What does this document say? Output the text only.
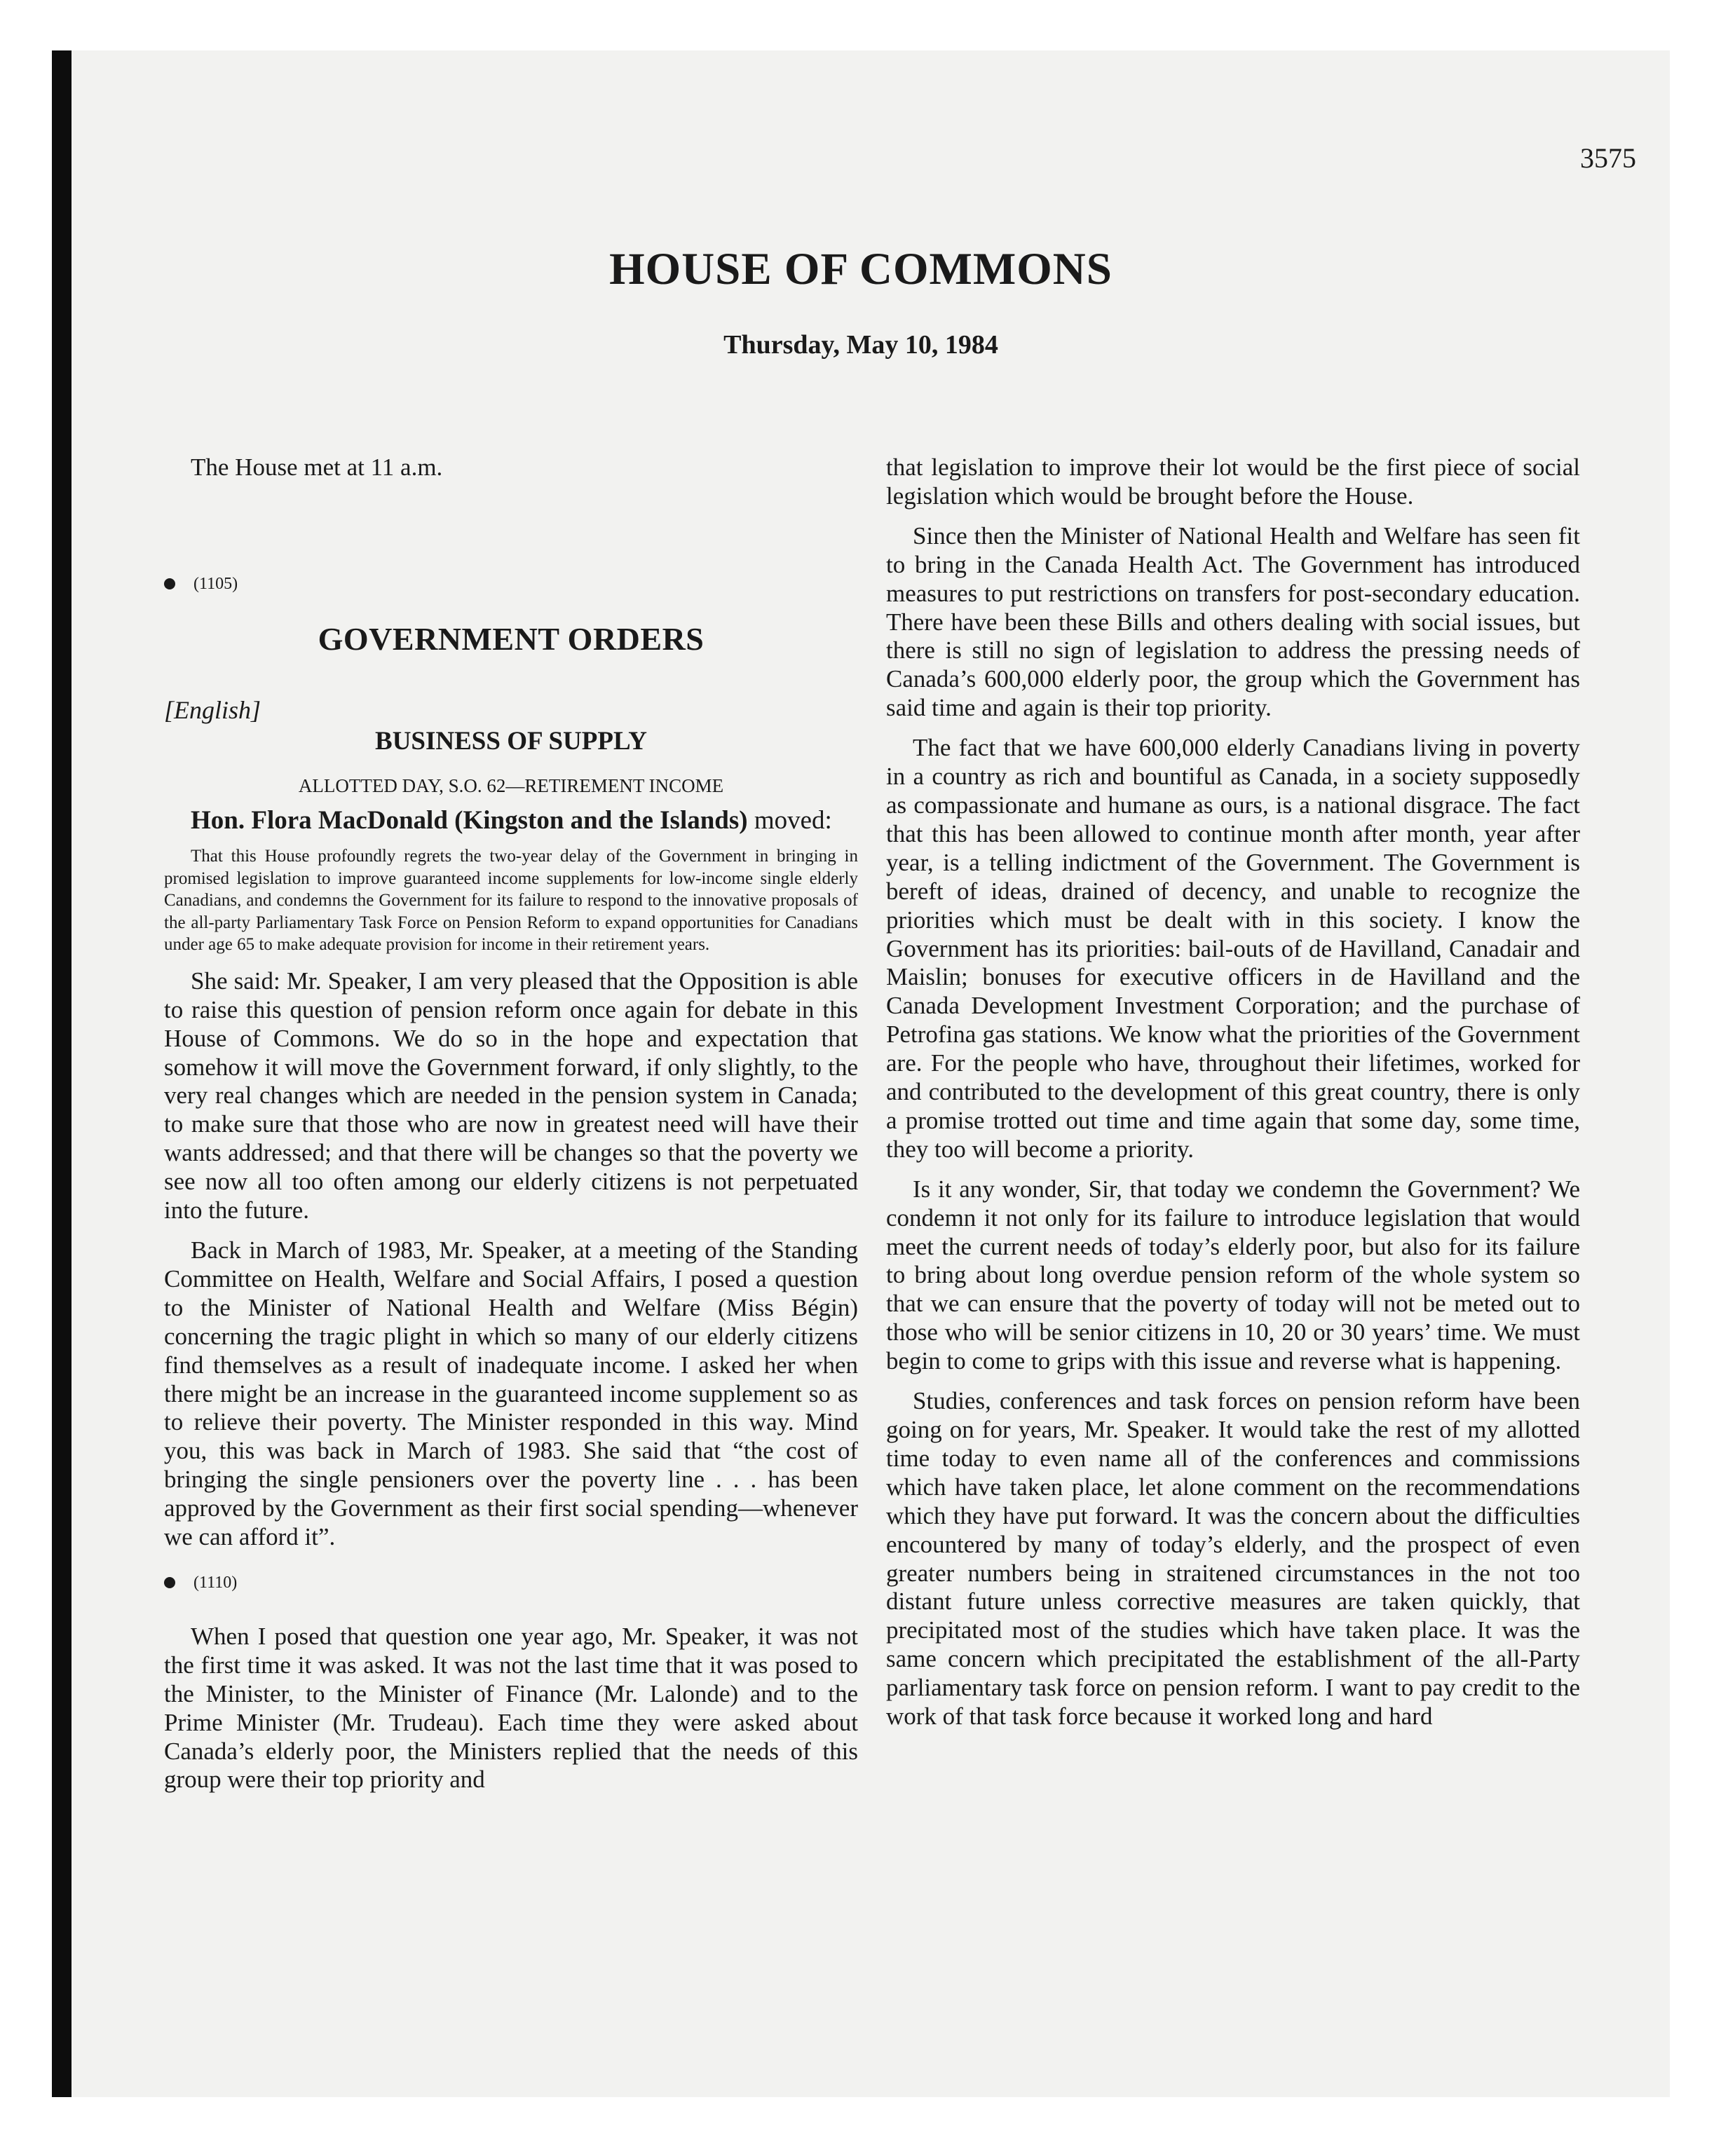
3575
HOUSE OF COMMONS
Thursday, May 10, 1984

The House met at 11 a.m.

(1105)

GOVERNMENT ORDERS

[English]

BUSINESS OF SUPPLY

ALLOTTED DAY, S.O. 62—RETIREMENT INCOME

Hon. Flora MacDonald (Kingston and the Islands) moved:

That this House profoundly regrets the two-year delay of the Government in bringing in promised legislation to improve guaranteed income supplements for low-income single elderly Canadians, and condemns the Government for its failure to respond to the innovative proposals of the all-party Parliamentary Task Force on Pension Reform to expand opportunities for Canadians under age 65 to make adequate provision for income in their retirement years.

She said: Mr. Speaker, I am very pleased that the Opposition is able to raise this question of pension reform once again for debate in this House of Commons. We do so in the hope and expectation that somehow it will move the Government forward, if only slightly, to the very real changes which are needed in the pension system in Canada; to make sure that those who are now in greatest need will have their wants addressed; and that there will be changes so that the poverty we see now all too often among our elderly citizens is not perpetuated into the future.

Back in March of 1983, Mr. Speaker, at a meeting of the Standing Committee on Health, Welfare and Social Affairs, I posed a question to the Minister of National Health and Welfare (Miss Bégin) concerning the tragic plight in which so many of our elderly citizens find themselves as a result of inadequate income. I asked her when there might be an increase in the guaranteed income supplement so as to relieve their poverty. The Minister responded in this way. Mind you, this was back in March of 1983. She said that “the cost of bringing the single pensioners over the poverty line . . . has been approved by the Government as their first social spending—whenever we can afford it”.

(1110)

When I posed that question one year ago, Mr. Speaker, it was not the first time it was asked. It was not the last time that it was posed to the Minister, to the Minister of Finance (Mr. Lalonde) and to the Prime Minister (Mr. Trudeau). Each time they were asked about Canada’s elderly poor, the Ministers replied that the needs of this group were their top priority and

that legislation to improve their lot would be the first piece of social legislation which would be brought before the House.

Since then the Minister of National Health and Welfare has seen fit to bring in the Canada Health Act. The Government has introduced measures to put restrictions on transfers for post-secondary education. There have been these Bills and others dealing with social issues, but there is still no sign of legislation to address the pressing needs of Canada’s 600,000 elderly poor, the group which the Government has said time and again is their top priority.

The fact that we have 600,000 elderly Canadians living in poverty in a country as rich and bountiful as Canada, in a society supposedly as compassionate and humane as ours, is a national disgrace. The fact that this has been allowed to continue month after month, year after year, is a telling indictment of the Government. The Government is bereft of ideas, drained of decency, and unable to recognize the priorities which must be dealt with in this society. I know the Government has its priorities: bail-outs of de Havilland, Canadair and Maislin; bonuses for executive officers in de Havilland and the Canada Development Investment Corporation; and the purchase of Petrofina gas stations. We know what the priorities of the Government are. For the people who have, throughout their lifetimes, worked for and contributed to the development of this great country, there is only a promise trotted out time and time again that some day, some time, they too will become a priority.

Is it any wonder, Sir, that today we condemn the Government? We condemn it not only for its failure to introduce legislation that would meet the current needs of today’s elderly poor, but also for its failure to bring about long overdue pension reform of the whole system so that we can ensure that the poverty of today will not be meted out to those who will be senior citizens in 10, 20 or 30 years’ time. We must begin to come to grips with this issue and reverse what is happening.

Studies, conferences and task forces on pension reform have been going on for years, Mr. Speaker. It would take the rest of my allotted time today to even name all of the conferences and commissions which have taken place, let alone comment on the recommendations which they have put forward. It was the concern about the difficulties encountered by many of today’s elderly, and the prospect of even greater numbers being in straitened circumstances in the not too distant future unless corrective measures are taken quickly, that precipitated most of the studies which have taken place. It was the same concern which precipitated the establishment of the all-Party parliamentary task force on pension reform. I want to pay credit to the work of that task force because it worked long and hard
